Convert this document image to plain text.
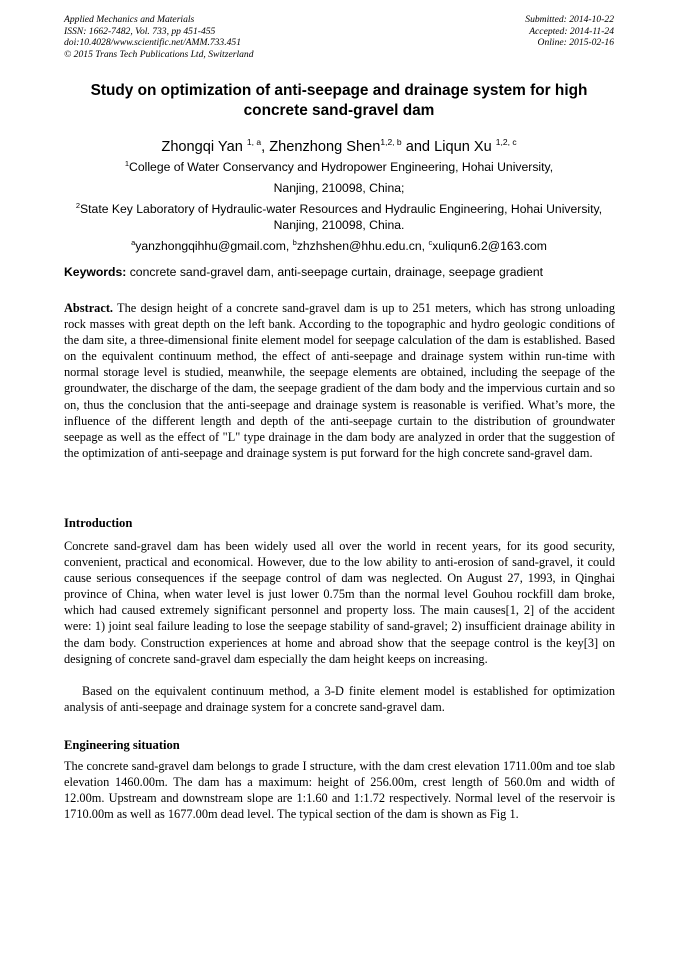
Applied Mechanics and Materials
ISSN: 1662-7482, Vol. 733, pp 451-455
doi:10.4028/www.scientific.net/AMM.733.451
© 2015 Trans Tech Publications Ltd, Switzerland
Submitted: 2014-10-22
Accepted: 2014-11-24
Online: 2015-02-16
Study on optimization of anti-seepage and drainage system for high concrete sand-gravel dam
Zhongqi Yan $^{1, a}$, Zhenzhong Shen$^{1,2, b}$ and Liqun Xu $^{1,2, c}$
$^1$College of Water Conservancy and Hydropower Engineering, Hohai University,
Nanjing, 210098, China;
$^2$State Key Laboratory of Hydraulic-water Resources and Hydraulic Engineering, Hohai University,
Nanjing, 210098, China.
$^a$yanzhongqihhu@gmail.com, $^b$zhzhshen@hhu.edu.cn, $^c$xuliqun6.2@163.com
Keywords: concrete sand-gravel dam, anti-seepage curtain, drainage, seepage gradient
Abstract. The design height of a concrete sand-gravel dam is up to 251 meters, which has strong unloading rock masses with great depth on the left bank. According to the topographic and hydro geologic conditions of the dam site, a three-dimensional finite element model for seepage calculation of the dam is established. Based on the equivalent continuum method, the effect of anti-seepage and drainage system within run-time with normal storage level is studied, meanwhile, the seepage elements are obtained, including the seepage of the groundwater, the discharge of the dam, the seepage gradient of the dam body and the impervious curtain and so on, thus the conclusion that the anti-seepage and drainage system is reasonable is verified. What’s more, the influence of the different length and depth of the anti-seepage curtain to the distribution of groundwater seepage as well as the effect of "L" type drainage in the dam body are analyzed in order that the suggestion of the optimization of anti-seepage and drainage system is put forward for the high concrete sand-gravel dam.
Introduction
Concrete sand-gravel dam has been widely used all over the world in recent years, for its good security, convenient, practical and economical. However, due to the low ability to anti-erosion of sand-gravel, it could cause serious consequences if the seepage control of dam was neglected. On August 27, 1993, in Qinghai province of China, when water level is just lower 0.75m than the normal level Gouhou rockfill dam broke, which had caused extremely significant personnel and property loss. The main causes[1, 2] of the accident were: 1) joint seal failure leading to lose the seepage stability of sand-gravel; 2) insufficient drainage ability in the dam body. Construction experiences at home and abroad show that the seepage control is the key[3] on designing of concrete sand-gravel dam especially the dam height keeps on increasing.
Based on the equivalent continuum method, a 3-D finite element model is established for optimization analysis of anti-seepage and drainage system for a concrete sand-gravel dam.
Engineering situation
The concrete sand-gravel dam belongs to grade I structure, with the dam crest elevation 1711.00m and toe slab elevation 1460.00m. The dam has a maximum: height of 256.00m, crest length of 560.0m and width of 12.00m. Upstream and downstream slope are 1:1.60 and 1:1.72 respectively. Normal level of the reservoir is 1710.00m as well as 1677.00m dead level. The typical section of the dam is shown as Fig 1.
